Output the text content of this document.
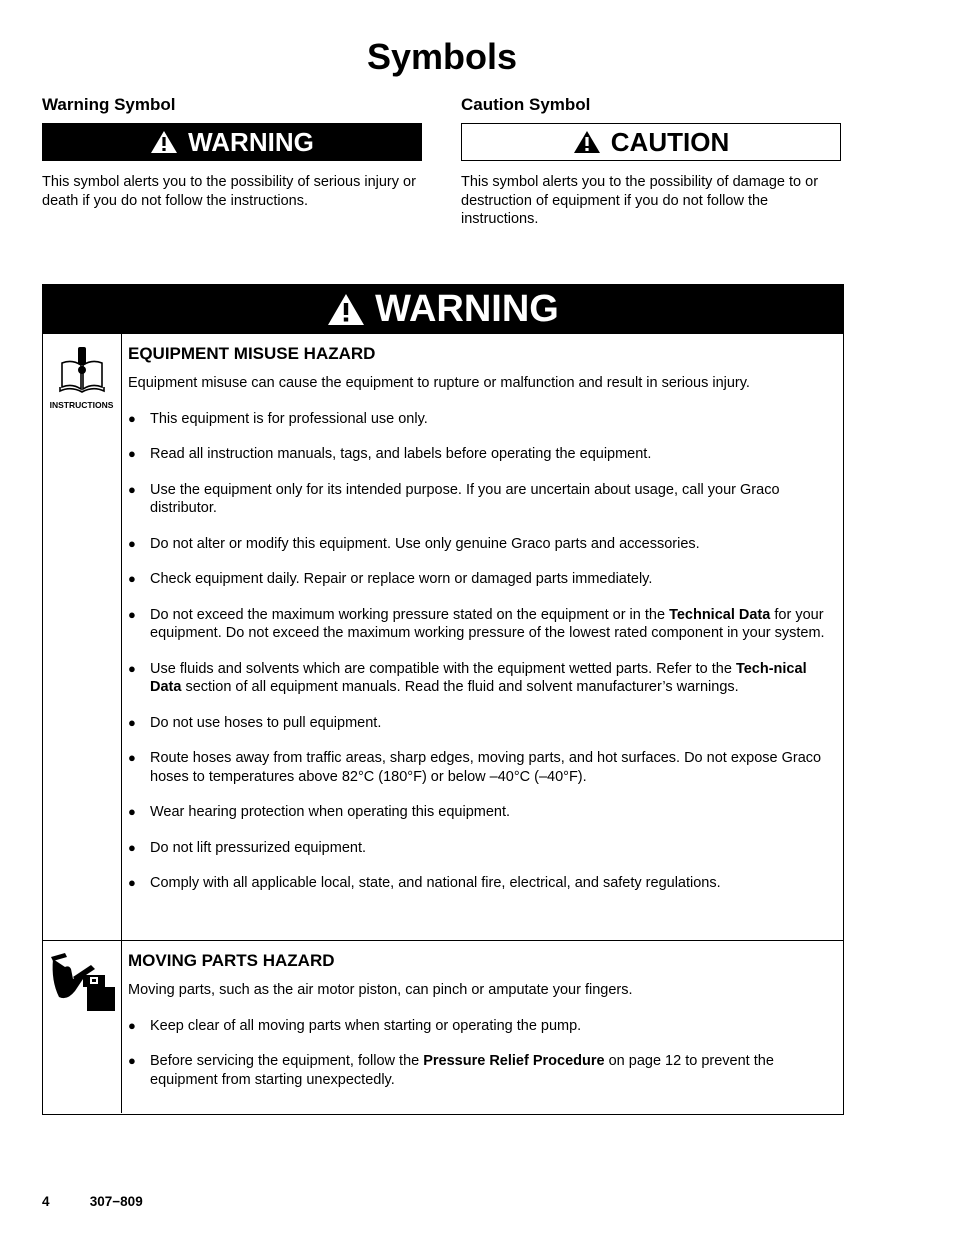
Symbols
Warning Symbol
WARNING
This symbol alerts you to the possibility of serious injury or death if you do not follow the instructions.
Caution Symbol
CAUTION
This symbol alerts you to the possibility of damage to or destruction of equipment if you do not follow the instructions.
WARNING
INSTRUCTIONS
EQUIPMENT MISUSE HAZARD
Equipment misuse can cause the equipment to rupture or malfunction and result in serious injury.
● This equipment is for professional use only.
● Read all instruction manuals, tags, and labels before operating the equipment.
● Use the equipment only for its intended purpose. If you are uncertain about usage, call your Graco distributor.
● Do not alter or modify this equipment. Use only genuine Graco parts and accessories.
● Check equipment daily. Repair or replace worn or damaged parts immediately.
● Do not exceed the maximum working pressure stated on the equipment or in the Technical Data for your equipment. Do not exceed the maximum working pressure of the lowest rated component in your system.
● Use fluids and solvents which are compatible with the equipment wetted parts. Refer to the Tech-nical Data section of all equipment manuals. Read the fluid and solvent manufacturer’s warnings.
● Do not use hoses to pull equipment.
● Route hoses away from traffic areas, sharp edges, moving parts, and hot surfaces. Do not expose Graco hoses to temperatures above 82°C (180°F) or below –40°C (–40°F).
● Wear hearing protection when operating this equipment.
● Do not lift pressurized equipment.
● Comply with all applicable local, state, and national fire, electrical, and safety regulations.
MOVING PARTS HAZARD
Moving parts, such as the air motor piston, can pinch or amputate your fingers.
● Keep clear of all moving parts when starting or operating the pump.
● Before servicing the equipment, follow the Pressure Relief Procedure on page 12 to prevent the equipment from starting unexpectedly.
4	307−809
